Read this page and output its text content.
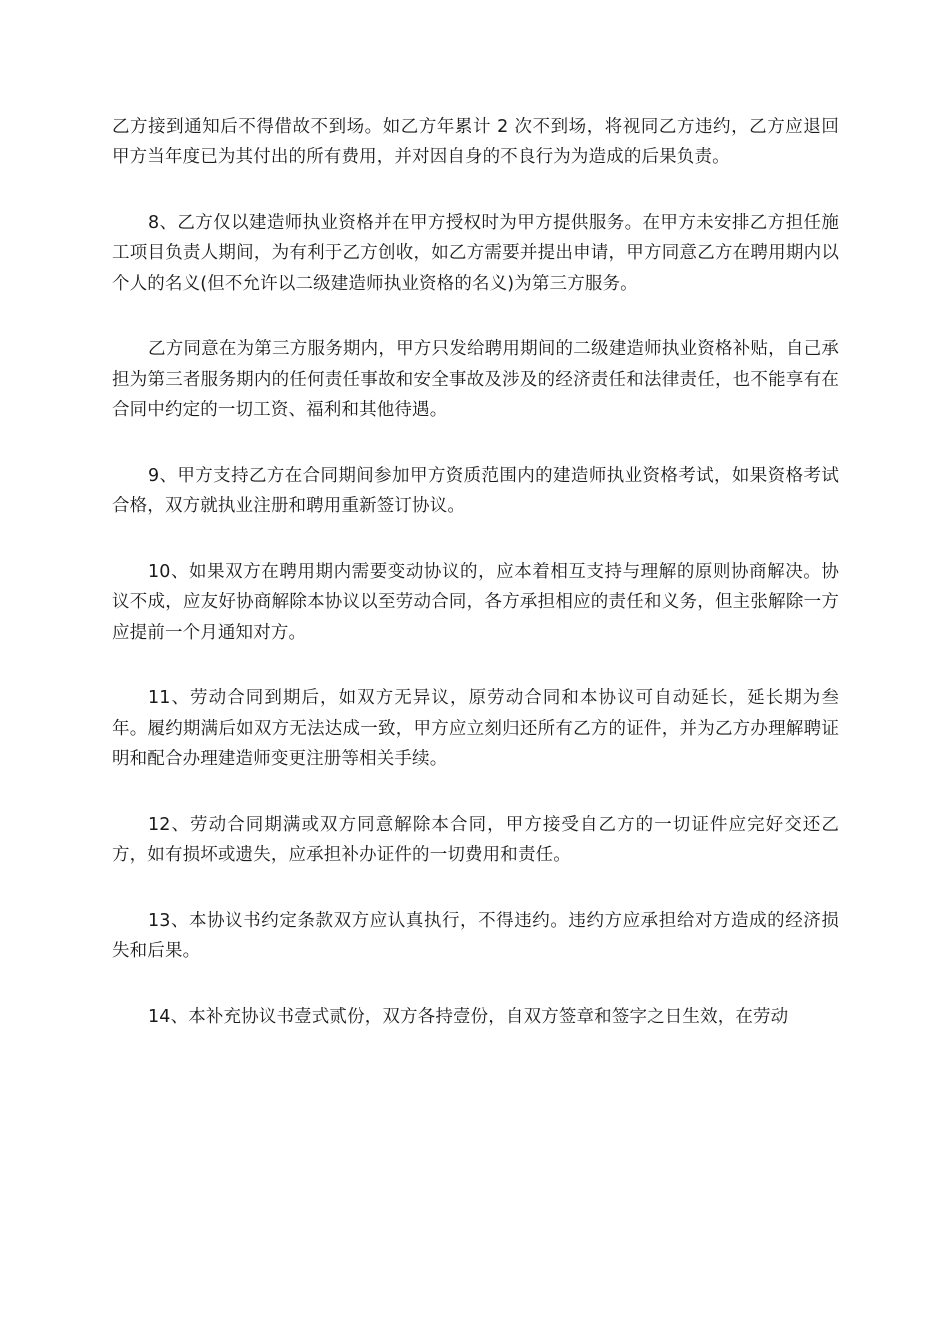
乙方接到通知后不得借故不到场。如乙方年累计 2 次不到场，将视同乙方违约，乙方应退回甲方当年度已为其付出的所有费用，并对因自身的不良行为为造成的后果负责。

8、乙方仅以建造师执业资格并在甲方授权时为甲方提供服务。在甲方未安排乙方担任施工项目负责人期间，为有利于乙方创收，如乙方需要并提出申请，甲方同意乙方在聘用期内以个人的名义(但不允许以二级建造师执业资格的名义)为第三方服务。

乙方同意在为第三方服务期内，甲方只发给聘用期间的二级建造师执业资格补贴，自己承担为第三者服务期内的任何责任事故和安全事故及涉及的经济责任和法律责任，也不能享有在合同中约定的一切工资、福利和其他待遇。

9、甲方支持乙方在合同期间参加甲方资质范围内的建造师执业资格考试，如果资格考试合格，双方就执业注册和聘用重新签订协议。

10、如果双方在聘用期内需要变动协议的，应本着相互支持与理解的原则协商解决。协议不成，应友好协商解除本协议以至劳动合同，各方承担相应的责任和义务，但主张解除一方应提前一个月通知对方。

11、劳动合同到期后，如双方无异议，原劳动合同和本协议可自动延长，延长期为叁年。履约期满后如双方无法达成一致，甲方应立刻归还所有乙方的证件，并为乙方办理解聘证明和配合办理建造师变更注册等相关手续。

12、劳动合同期满或双方同意解除本合同，甲方接受自乙方的一切证件应完好交还乙方，如有损坏或遗失，应承担补办证件的一切费用和责任。

13、本协议书约定条款双方应认真执行，不得违约。违约方应承担给对方造成的经济损失和后果。

14、本补充协议书壹式贰份，双方各持壹份，自双方签章和签字之日生效，在劳动
